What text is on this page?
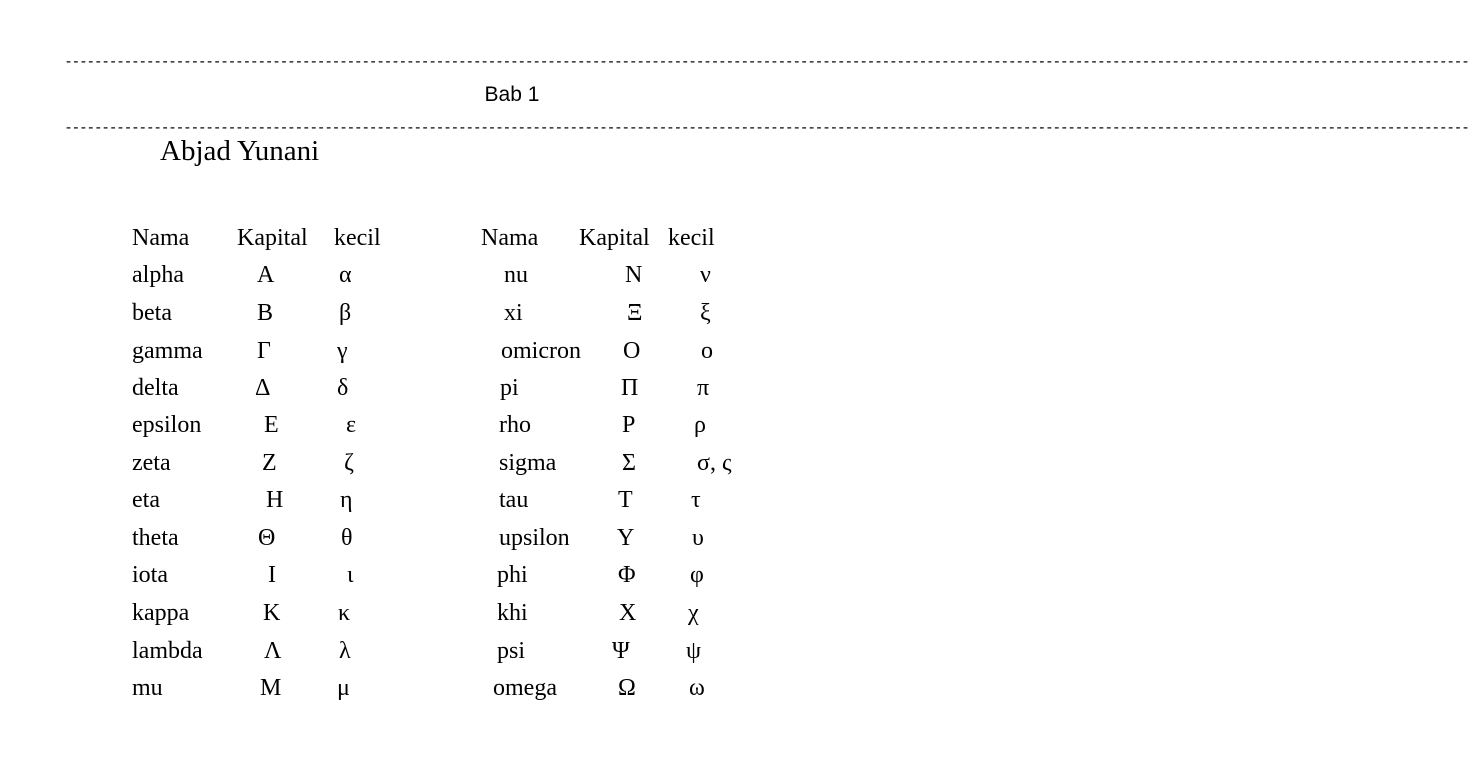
---------------------------------------------------------------------------------------------------------------------------------------------------------------------------------------------
Bab 1
---------------------------------------------------------------------------------------------------------------------------------------------------------------------------------------------
Abjad Yunani
Nama Kapital kecil	Nama Kapital kecil
alpha	Α	α	nu	Ν ν
beta	Β	β	xi	Ξ ξ
gamma Γ	γ	omicron Ο	ο
delta	Δ	δ	pi	Π π
epsilon	Ε	ε	rho	Ρ ρ
zeta	Ζ	ζ	sigma	Σ	σ, ς
eta	Η η	tau	Τ τ
theta	Θ	θ	upsilon Υ υ
iota	Ι	ι	phi	Φ φ
kappa	Κ κ	khi	Χ χ
lambda	Λ λ	psi	Ψ ψ
mu	Μ μ	omega	Ω ω
